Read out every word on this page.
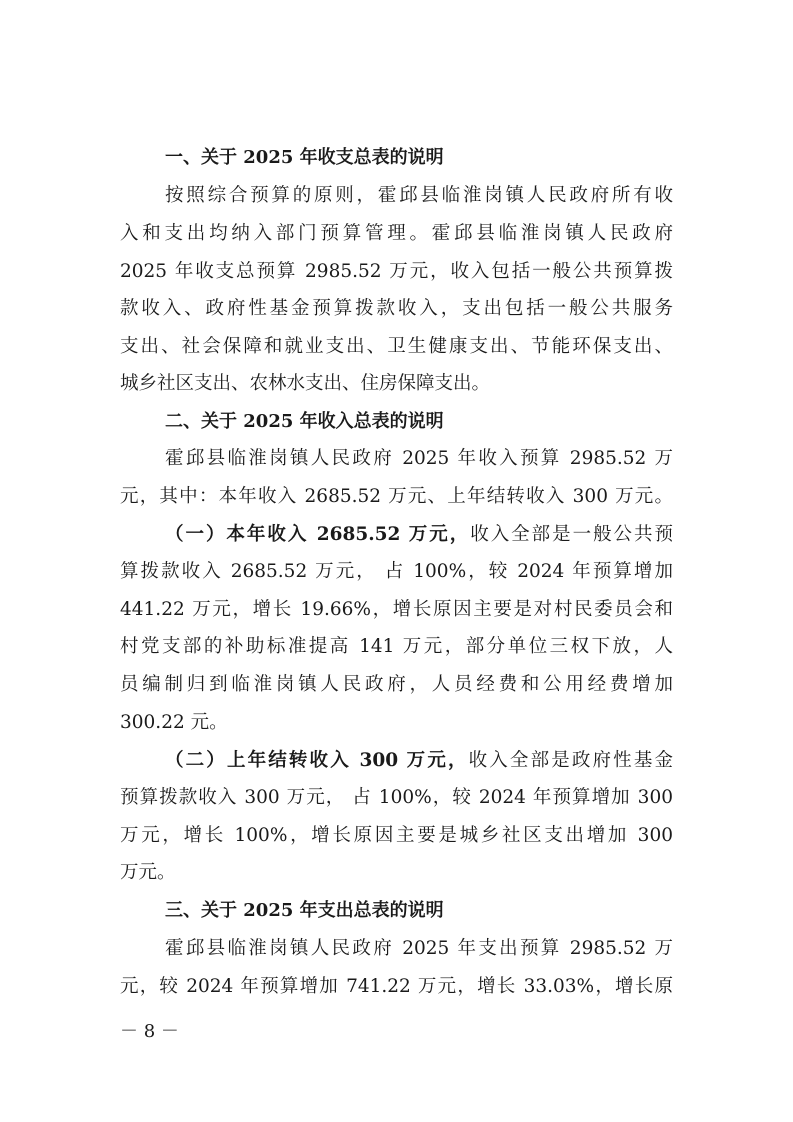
一、关于 2025 年收支总表的说明
按照综合预算的原则，霍邱县临淮岗镇人民政府所有收
入和支出均纳入部门预算管理。霍邱县临淮岗镇人民政府
2025 年收支总预算 2985.52 万元，收入包括一般公共预算拨
款收入、政府性基金预算拨款收入，支出包括一般公共服务
支出、社会保障和就业支出、卫生健康支出、节能环保支出、
城乡社区支出、农林水支出、住房保障支出。
二、关于 2025 年收入总表的说明
霍邱县临淮岗镇人民政府 2025 年收入预算 2985.52 万
元，其中：本年收入 2685.52 万元、上年结转收入 300 万元。
（一）本年收入 2685.52 万元，收入全部是一般公共预
算拨款收入 2685.52 万元， 占 100%，较 2024 年预算增加
441.22 万元，增长 19.66%，增长原因主要是对村民委员会和
村党支部的补助标准提高 141 万元，部分单位三权下放，人
员编制归到临淮岗镇人民政府，人员经费和公用经费增加
300.22 元。
（二）上年结转收入 300 万元，收入全部是政府性基金
预算拨款收入 300 万元， 占 100%，较 2024 年预算增加 300
万元，增长 100%，增长原因主要是城乡社区支出增加 300
万元。
三、关于 2025 年支出总表的说明
霍邱县临淮岗镇人民政府 2025 年支出预算 2985.52 万
元，较 2024 年预算增加 741.22 万元，增长 33.03%，增长原
－ 8 －
